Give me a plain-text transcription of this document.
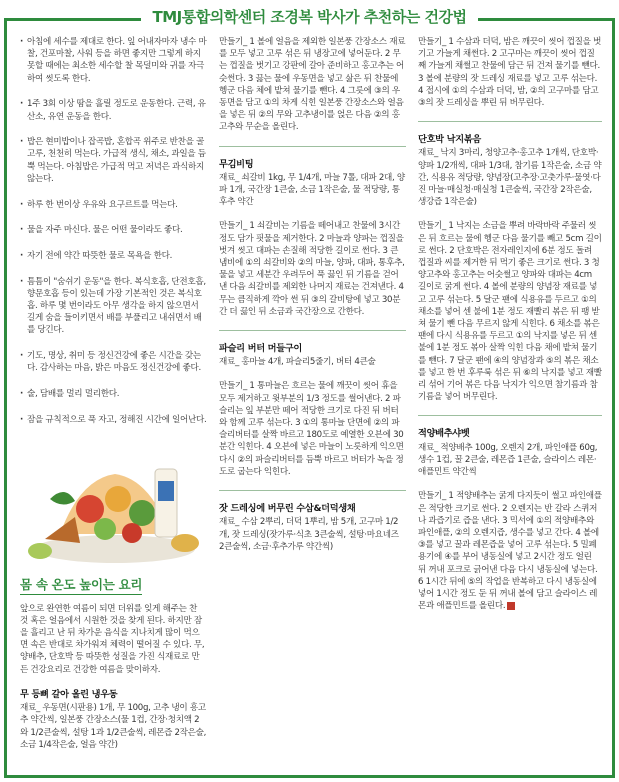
TMJ통합의학센터 조경복 박사가 추천하는 건강법
· 아침에 세수를 제대로 한다. 잎 어내자마자 냉수 마찰, 건포마찰, 사워 등을 하면 좋지만 그렇게 하지 못할 때에는 최소한 세수할 찰 목덜미와 귀를 자극하여 씻도록 한다.
· 1주 3회 이상 땀을 흘릴 정도로 운동한다. 근력, 유산소, 유연 운동을 한다.
· 밥은 현미밥이나 잡곡밥, 혼합곡 위주로 반찬을 골고루, 천천히 먹는다. 가급적 생식, 채소, 과일을 듬뿍 먹는다. 아침밥은 가급적 먹고 저녁은 과식하지 않는다.
· 하루 한 번이상 우유와 요구르트를 먹는다.
· 물을 자주 마신다. 물은 어떤 물이라도 좋다.
· 자기 전에 약간 따뜻한 물로 목욕을 한다.
· 틈틈이 "숨쉬기 운동"을 한다. 복식호흡, 단전호흡, 향문호흡 등이 있는데 가장 기본적인 것은 복식호흡. 하루 몇 번이라도 아무 생각을 하지 않으면서 길게 숨을 들이키면서 배를 부풀리고 내쉬면서 배를 당긴다.
· 기도, 명상, 취미 등 정신건강에 좋은 시간을 갖는다. 감사하는 마음, 밝은 마음도 정신건강에 좋다.
· 술, 담배를 멀리 멀리한다.
· 잠을 규칙적으로 푹 자고, 정해진 시간에 일어난다.
몸 속 온도 높이는 요리

앞으로 완연한 여름이 되면 더위를 잊게 해주는 찬 것 혹은 얼음에서 시원한 것을 찾게 된다. 하지만 잠을 흘리고 난 뒤 차가운 음식을 지나치게 많이 먹으면 속은 반대로 차가워져 체력이 떨어질 수 있다. 무, 양배추, 단호박 등 따뜻한 성질을 가진 식재료로 만든 건강요리로 건강한 여름을 맞이하자.

무 등뼈 갈아 올린 냉우동
재료_ 우동면(시판용) 1개, 무 100g, 고추 냉이 흥고추 약간씩, 일본풍 간장소스(물 1컵, 간장·청치액 2와 1/2큰술씩, 설탕 1과 1/2큰술씩, 레몬즙 2작은술, 소금 1/4작은술, 얼음 약간)
만들기_ 1 볼에 얼음을 제외한 일본풍 간장소스 재료를 모두 넣고 고루 섞은 뒤 냉장고에 넣어둔다. 2 무는 껍질을 벗기고 강판에 갈아 준비하고 홍고추는 어슷썬다. 3 끓는 물에 우동면을 넣고 삶은 뒤 찬물에 헹군 다음 체에 밭쳐 물기를 뺀다. 4 그릇에 ③의 우동면을 담고 ①의 차게 식힌 일본풍 간장소스와 얼음을 넣은 뒤 ②의 무와 고추냉이를 얹은 다음 ②의 홍고추와 무순을 올린다.
무김비팅
재료_ 쇠갈비 1kg, 무 1/4개, 마늘 7톨, 대파 2대, 양파 1개, 국간장 1큰술, 소금 1작은술, 물 적당량, 통후추 약간
만들기_ 1 쇠갈비는 기름을 떼어내고 찬물에 3시간 정도 담가 핏물을 제거한다. 2 마늘과 양파는 껍질을 벗겨 씻고 대파는 손질해 적당한 길이로 썬다. 3 큰 냄비에 ①의 쇠갈비와 ②의 마늘, 양파, 대파, 통후추, 물을 넣고 세분간 우려두어 푹 끓인 뒤 기름을 걷어낸 다음 쇠갈비를 제외한 나머지 재료는 건져낸다. 4 무는 큼직하게 깍아 썬 뒤 ③의 갈비탕에 넣고 30분간 더 끓인 뒤 소금과 국간장으로 간한다.
파슬리 버터 머들구이
재료_ 홍마늘 4개, 파슬리5줄기, 버터 4큰술
만들기_ 1 통마늘은 흐르는 물에 깨끗이 씻어 휴을 모두 제거하고 윗부분의 1/3 정도를 썰어낸다. 2 파슬리는 잎 부분만 떼어 적당한 크기로 다진 뒤 버터와 함께 고루 섞는다. 3 ①의 통마늘 단면에 ②의 파슬리버터를 살짝 바르고 180도로 예열한 오븐에 30분간 익힌다. 4 오븐에 넣은 마늘이 노릇하게 익으면 다시 ②의 파슬리버터를 듬뿍 바르고 버터가 녹을 정도로 굽는다 익힌다.
잣 드레싱에 버무린 수삼&더덕생채
재료_ 수삼 2뿌리, 더덕 1뿌리, 밤 5개, 고구마 1/2개, 잣 드레싱(잣가루·식초 3큰술씩, 설탕·마요네즈 2큰술씩, 소금·후추가루 약간씩)
만들기_ 1 수삼과 더덕, 밤은 깨끗이 씻어 껍질을 벗기고 가늘게 채썬다. 2 고구마는 깨끗이 씻어 껍질째 가늘게 채썰고 찬물에 담근 뒤 건져 물기를 뺀다. 3 볼에 분량의 잣 드레싱 재료를 넣고 고루 섞는다. 4 접시에 ①의 수삼과 더덕, 밤, ②의 고구마를 담고 ③의 잣 드레싱을 뿌린 뒤 버무린다.
단호박 낙지볶음
재료_ 낙지 3마리, 청양고추·홍고추 1개씩, 단호박·양파 1/2개씩, 대파 1/3대, 참기름 1작은술, 소금 약간, 식용유 적당량, 양념장(고추장·고춧가루·물엿·다진 마늘·매실청·매실청 1큰술씩, 국간장 2작은술, 생강즙 1작은술)
만들기_ 1 낙지는 소금을 뿌려 바락바락 주물러 씻은 뒤 흐르는 물에 헹군 다음 물기를 빼고 5cm 길이로 썬다. 2 단호박은 전자레인지에 6분 정도 돌려 껍질과 씨를 제거한 뒤 먹기 좋은 크기로 썬다. 3 청양고추와 홍고추는 어슷썰고 양파와 대파는 4cm 길이로 굵게 썬다. 4 볼에 분량의 양념장 재료를 넣고 고루 섞는다. 5 달군 팬에 식용유를 두르고 ①의 채소를 넣어 센 불에 1분 정도 재빨리 볶은 뒤 팽 받쳐 물기 뺀 다음 무르지 않게 식힌다. 6 채소를 볶은 팬에 다시 식용유를 두르고 ①의 낙지를 넣은 뒤 센 불에 1분 정도 볶아 살짝 익힌 다음 채에 밭쳐 물기를 뺀다. 7 달군 팬에 ④의 양념장과 ⑤의 볶은 채소를 넣고 한 번 후루룩 섞은 뒤 ⑥의 낙지를 넣고 재빨리 섞어 기어 볶은 다음 낙지가 익으면 참기름과 참기름을 넣어 버무린다.
적양배추샤벳
재료_ 적양배추 100g, 오렌지 2개, 파인애플 60g, 생수 1컵, 꿀 2큰술, 레몬즙 1큰술, 슬라이스 레몬·애플민트 약간씩
만들기_ 1 적양배추는 굵게 다지듯이 썰고 파인애플은 적당한 크기로 썬다. 2 오렌지는 반 갈라 스퀴저나 과즙기로 즙을 낸다. 3 믹서에 ①의 적양배추와 파인애플, ②의 오렌지즙, 생수를 넣고 간다. 4 볼에 ③를 넣고 꿀과 레몬즙을 넣어 고루 섞는다. 5 밀폐용기에 ④를 부어 냉동실에 넣고 2시간 정도 얼린 뒤 꺼내 포크로 긁어낸 다음 다시 냉동실에 넣는다. 6 1시간 뒤에 ⑤의 작업을 반복하고 다시 냉동실에 넣어 1시간 정도 둔 뒤 꺼내 볼에 담고 슬라이스 레몬과 애플민트를 올린다.
